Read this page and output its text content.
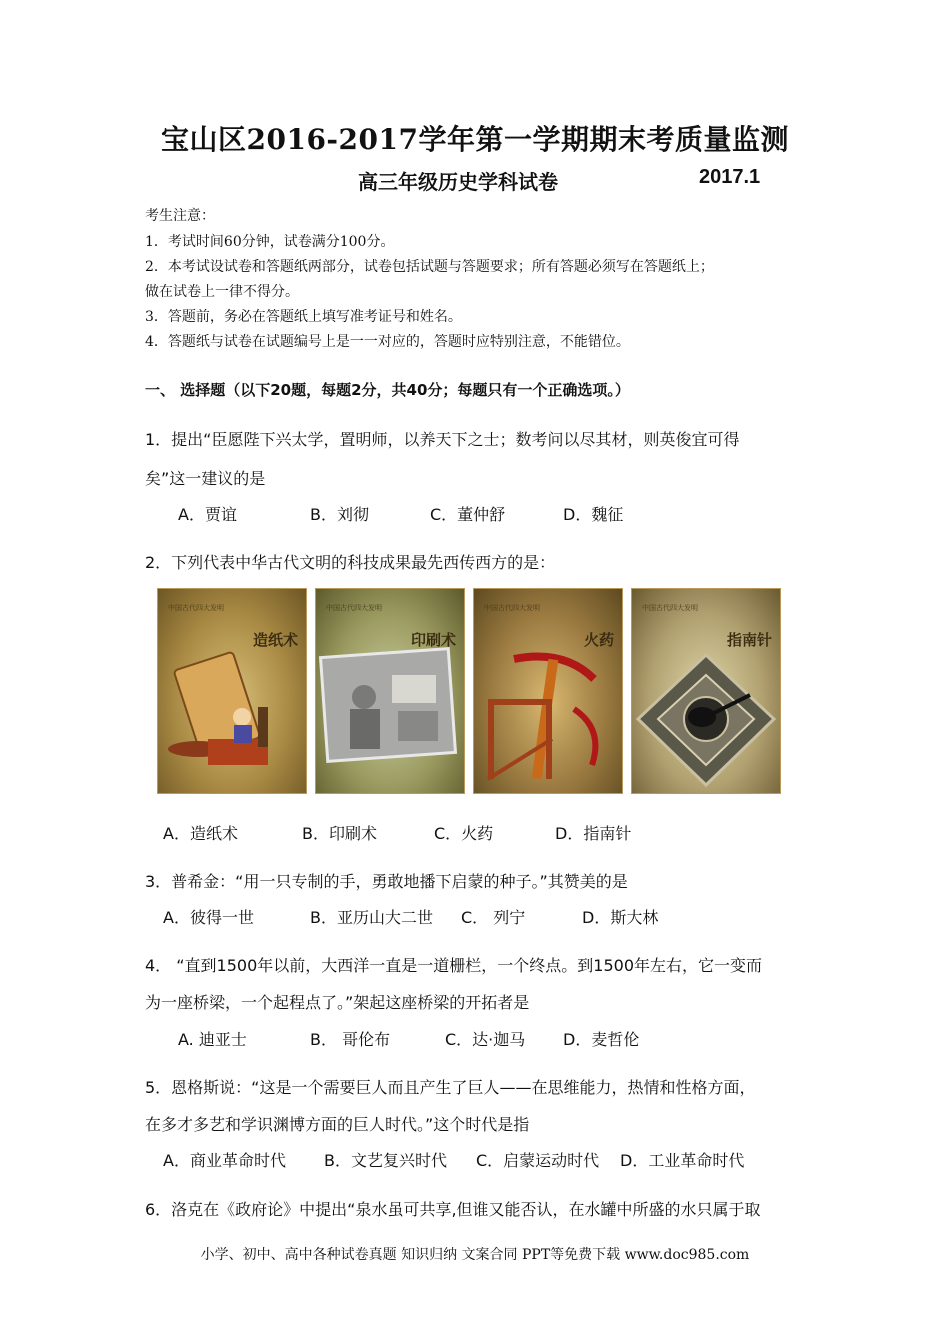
宝山区2016-2017学年第一学期期末考质量监测
高三年级历史学科试卷	2017.1
考生注意：
1．考试时间60分钟，试卷满分100分。
2．本考试设试卷和答题纸两部分，试卷包括试题与答题要求；所有答题必须写在答题纸上；
做在试卷上一律不得分。
3．答题前，务必在答题纸上填写准考证号和姓名。
4．答题纸与试卷在试题编号上是一一对应的，答题时应特别注意，不能错位。
一、 选择题（以下20题，每题2分，共40分；每题只有一个正确选项。）
1．提出“臣愿陛下兴太学，置明师，以养天下之士；数考问以尽其材，则英俊宜可得
矣”这一建议的是
A．贾谊	B．刘彻	C．董仲舒	D．魏征
2．下列代表中华古代文明的科技成果最先西传西方的是：
中国古代四大发明
造纸术
中国古代四大发明
印刷术
中国古代四大发明
火药
中国古代四大发明
指南针
A．造纸术	B．印刷术	C．火药	D．指南针
3．普希金：“用一只专制的手，勇敢地播下启蒙的种子。”其赞美的是
A．彼得一世	B．亚历山大二世 C． 列宁	D．斯大林
4． “直到1500年以前，大西洋一直是一道栅栏，一个终点。到1500年左右，它一变而
为一座桥梁，一个起程点了。”架起这座桥梁的开拓者是
A. 迪亚士	B． 哥伦布	C．达·迦马 D．麦哲伦
5．恩格斯说：“这是一个需要巨人而且产生了巨人——在思维能力，热情和性格方面，
在多才多艺和学识渊博方面的巨人时代。”这个时代是指
A．商业革命时代 B．文艺复兴时代 C．启蒙运动时代 D．工业革命时代
6．洛克在《政府论》中提出“泉水虽可共享,但谁又能否认，在水罐中所盛的水只属于取
小学、初中、高中各种试卷真题 知识归纳 文案合同 PPT等免费下载 www.doc985.com
